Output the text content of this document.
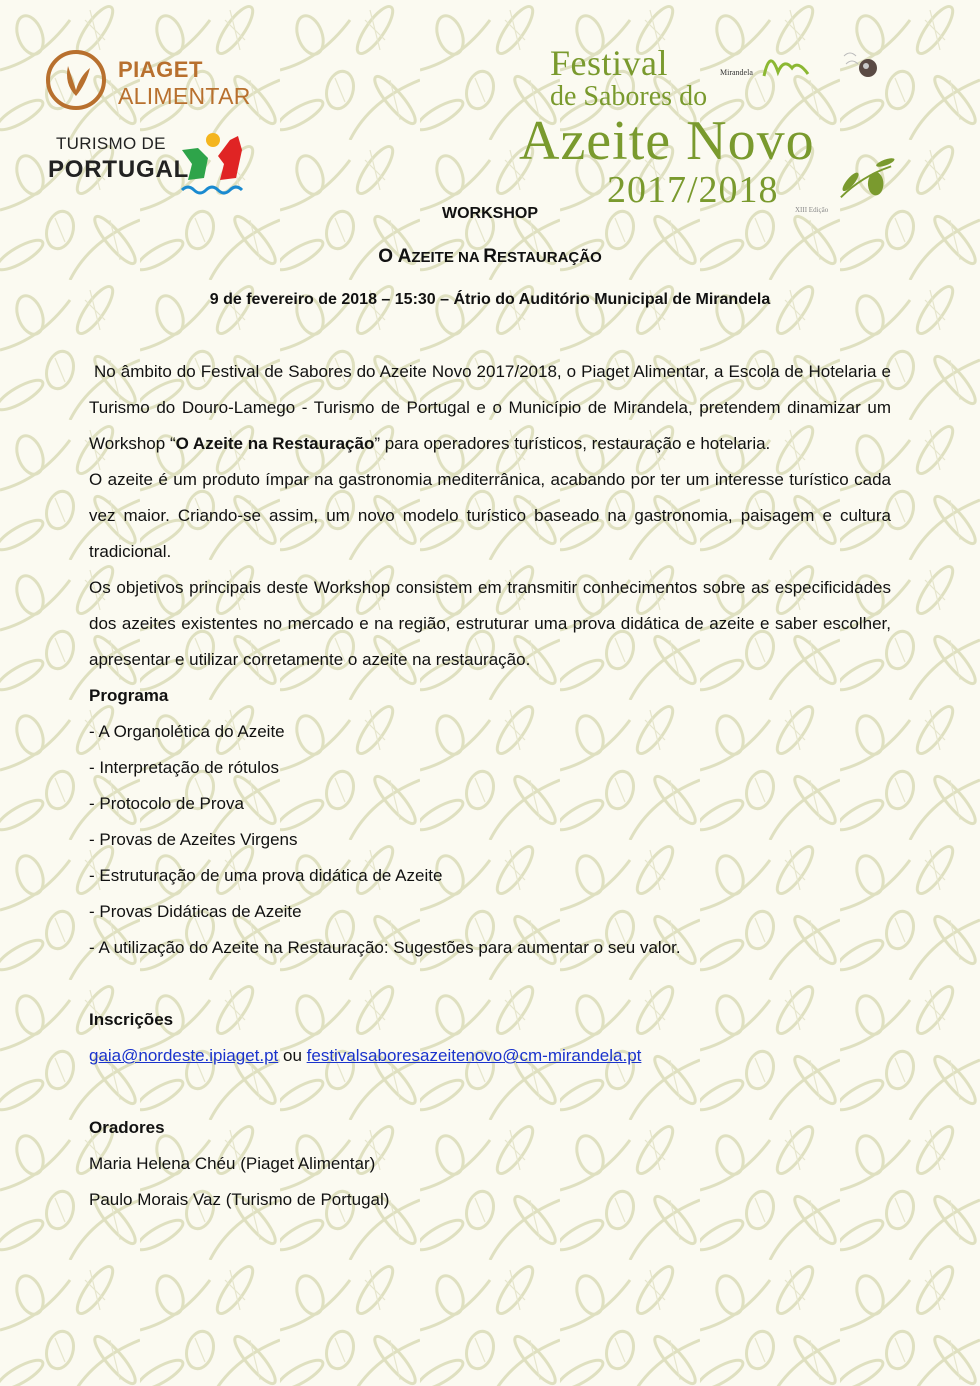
PIAGET
ALIMENTAR
TURISMO DE
PORTUGAL
Festival
de Sabores do
Azeite Novo
2017/2018 XIII Edição
Mirandela
WORKSHOP
O AZEITE NA RESTAURAÇÃO
9 de fevereiro de 2018 – 15:30 – Átrio do Auditório Municipal de Mirandela

No âmbito do Festival de Sabores do Azeite Novo 2017/2018, o Piaget Alimentar, a Escola de Hotelaria e Turismo do Douro-Lamego - Turismo de Portugal e o Município de Mirandela, pretendem dinamizar um Workshop “O Azeite na Restauração” para operadores turísticos, restauração e hotelaria.

O azeite é um produto ímpar na gastronomia mediterrânica, acabando por ter um interesse turístico cada vez maior. Criando-se assim, um novo modelo turístico baseado na gastronomia, paisagem e cultura tradicional.

Os objetivos principais deste Workshop consistem em transmitir conhecimentos sobre as especificidades dos azeites existentes no mercado e na região, estruturar uma prova didática de azeite e saber escolher, apresentar e utilizar corretamente o azeite na restauração.

Programa
- A Organolética do Azeite
- Interpretação de rótulos
- Protocolo de Prova
- Provas de Azeites Virgens
- Estruturação de uma prova didática de Azeite
- Provas Didáticas de Azeite
- A utilização do Azeite na Restauração: Sugestões para aumentar o seu valor.
Inscrições
gaia@nordeste.ipiaget.pt ou festivalsaboresazeitenovo@cm-mirandela.pt
Oradores
Maria Helena Chéu (Piaget Alimentar)
Paulo Morais Vaz (Turismo de Portugal)
